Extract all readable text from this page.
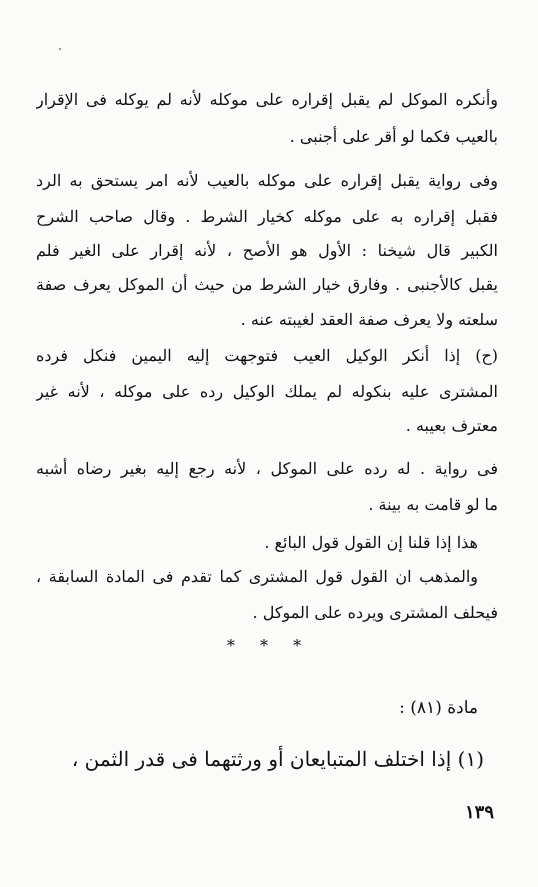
وأنكره الموكل لم يقبل إقراره على موكله لأنه لم يوكله فى الإقرار
بالعيب فكما لو أقر على أجنبى .
وفى رواية يقبل إقراره على موكله بالعيب لأنه امر يستحق به الرد
فقبل إقراره به على موكله كخيار الشرط . وقال صاحب الشرح
الكبير قال شيخنا : الأول هو الأصح ، لأنه إقرار على الغير فلم
يقبل كالأجنبى . وفارق خيار الشرط من حيث أن الموكل يعرف صفة
سلعته ولا يعرف صفة العقد لغيبته عنه .
(ح) إذا أنكر الوكيل العيب فتوجهت إليه اليمين فنكل فرده
المشترى عليه بنكوله لم يملك الوكيل رده على موكله ، لأنه غير
معترف بعيبه .
فى رواية . له رده على الموكل ، لأنه رجع إليه بغير رضاه أشبه
ما لو قامت به بينة .
هذا إذا قلنا إن القول قول البائع .
والمذهب ان القول قول المشترى كما تقدم فى المادة السابقة ،
فيحلف المشترى ويرده على الموكل .
* * *
مادة (٨١) :
(١) إذا اختلف المتبايعان أو ورثتهما فى قدر الثمن ،
١٣٩
